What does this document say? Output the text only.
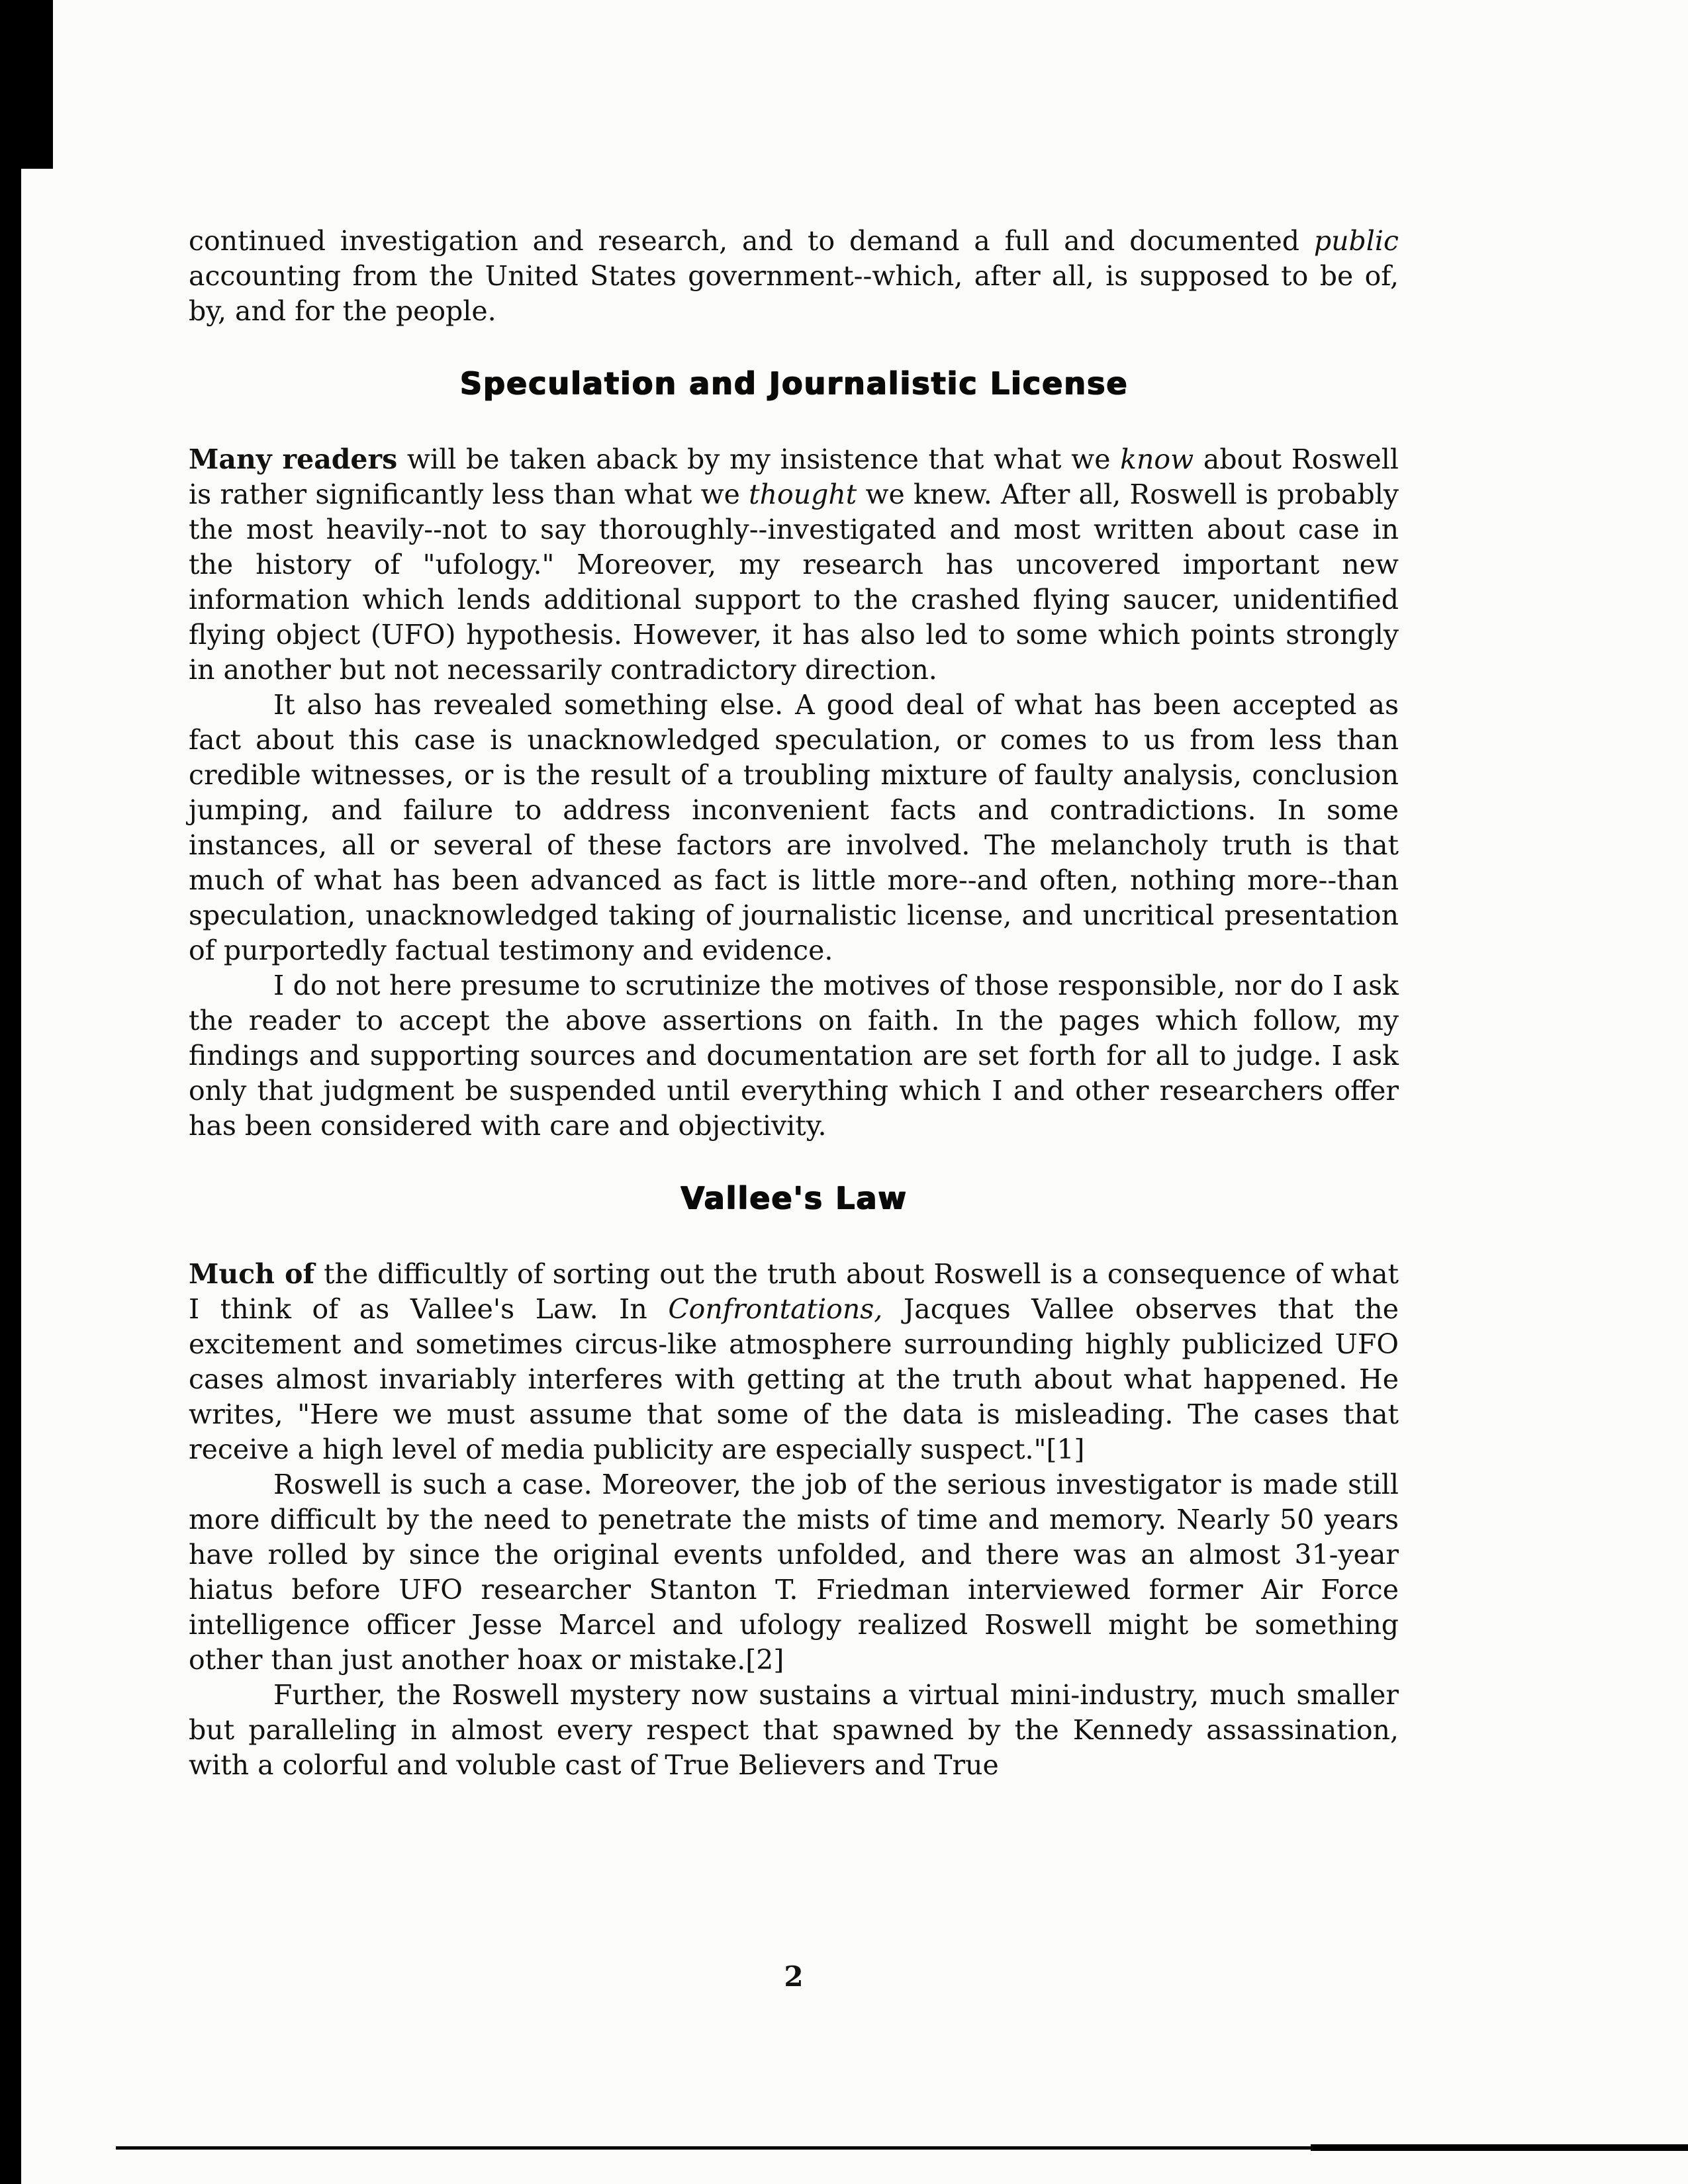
continued investigation and research, and to demand a full and documented public accounting from the United States government--which, after all, is supposed to be of, by, and for the people.

Speculation and Journalistic License

Many readers will be taken aback by my insistence that what we know about Roswell is rather significantly less than what we thought we knew. After all, Roswell is probably the most heavily--not to say thoroughly--investigated and most written about case in the history of "ufology." Moreover, my research has uncovered important new information which lends additional support to the crashed flying saucer, unidentified flying object (UFO) hypothesis. However, it has also led to some which points strongly in another but not necessarily contradictory direction.

It also has revealed something else. A good deal of what has been accepted as fact about this case is unacknowledged speculation, or comes to us from less than credible witnesses, or is the result of a troubling mixture of faulty analysis, conclusion jumping, and failure to address inconvenient facts and contradictions. In some instances, all or several of these factors are involved. The melancholy truth is that much of what has been advanced as fact is little more--and often, nothing more--than speculation, unacknowledged taking of journalistic license, and uncritical presentation of purportedly factual testimony and evidence.

I do not here presume to scrutinize the motives of those responsible, nor do I ask the reader to accept the above assertions on faith. In the pages which follow, my findings and supporting sources and documentation are set forth for all to judge. I ask only that judgment be suspended until everything which I and other researchers offer has been considered with care and objectivity.

Vallee's Law

Much of the difficultly of sorting out the truth about Roswell is a consequence of what I think of as Vallee's Law. In Confrontations, Jacques Vallee observes that the excitement and sometimes circus-like atmosphere surrounding highly publicized UFO cases almost invariably interferes with getting at the truth about what happened. He writes, "Here we must assume that some of the data is misleading. The cases that receive a high level of media publicity are especially suspect."[1]

Roswell is such a case. Moreover, the job of the serious investigator is made still more difficult by the need to penetrate the mists of time and memory. Nearly 50 years have rolled by since the original events unfolded, and there was an almost 31-year hiatus before UFO researcher Stanton T. Friedman interviewed former Air Force intelligence officer Jesse Marcel and ufology realized Roswell might be something other than just another hoax or mistake.[2]

Further, the Roswell mystery now sustains a virtual mini-industry, much smaller but paralleling in almost every respect that spawned by the Kennedy assassination, with a colorful and voluble cast of True Believers and True

2
